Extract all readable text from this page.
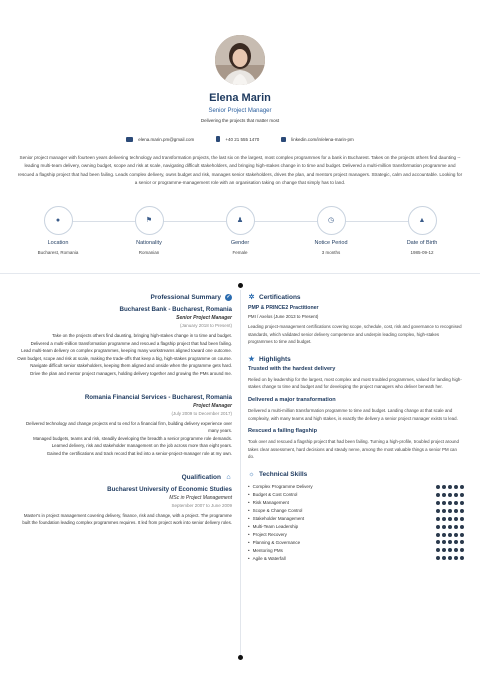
Elena Marin
Senior Project Manager
Delivering the projects that matter most
elena.marin.pm@gmail.com	+40 21 555 1470	linkedin.com/in/elena-marin-pm
Senior project manager with fourteen years delivering technology and transformation projects, the last six on the largest, most complex programmes for a bank in Bucharest. Takes on the projects others find daunting -- leading multi-team delivery, owning budget, scope and risk at scale, navigating difficult stakeholders, and bringing high-stakes change in to time and budget. Delivered a multi-million transformation programme and rescued a flagship project that had been failing. Leads complex delivery, owns budget and risk, manages senior stakeholders, drives the plan, and mentors project managers. Strategic, calm and accountable. Looking for a senior or programme-management role with an organisation taking on change that simply has to land.
●
Location
Bucharest, Romania
⚑
Nationality
Romanian
♟
Gender
Female
◷
Notice Period
3 months
▲
Date of Birth
1985-09-12
Professional Summary ✓
Bucharest Bank - Bucharest, Romania
Senior Project Manager
(January 2018 to Present)
Take on the projects others find daunting, bringing high-stakes change in to time and budget.
Delivered a multi-million transformation programme and rescued a flagship project that had been failing.
Lead multi-team delivery on complex programmes, keeping many workstreams aligned toward one outcome.
Own budget, scope and risk at scale, making the trade-offs that keep a big, high-stakes programme on course.
Navigate difficult senior stakeholders, keeping them aligned and onside when the programme gets hard.
Drive the plan and mentor project managers, holding delivery together and growing the PMs around me.
Romania Financial Services - Bucharest, Romania
Project Manager
(July 2009 to December 2017)
Delivered technology and change projects end to end for a financial firm, building delivery experience over many years.
Managed budgets, teams and risk, steadily developing the breadth a senior programme role demands.
Learned delivery, risk and stakeholder management on the job across more than eight years.
Gained the certifications and track record that led into a senior-project-manager role at my own.
Qualification ⌂
Bucharest University of Economic Studies
MSc in Project Management
September 2007 to June 2009
Master's in project management covering delivery, finance, risk and change, with a project. The programme built the foundation leading complex programmes requires. It led from project work into senior delivery roles.
✲ Certifications
PMP & PRINCE2 Practitioner
PMI / Axelos (June 2013 to Present)
Leading project-management certifications covering scope, schedule, cost, risk and governance to recognised standards, which validated senior delivery competence and underpin leading complex, high-stakes programmes to time and budget.
★ Highlights
Trusted with the hardest delivery
Relied on by leadership for the largest, most complex and most troubled programmes, valued for landing high-stakes change to time and budget and for developing the project managers who deliver beneath her.
Delivered a major transformation
Delivered a multi-million transformation programme to time and budget. Landing change at that scale and complexity, with many teams and high stakes, is exactly the delivery a senior project manager exists to lead.
Rescued a failing flagship
Took over and rescued a flagship project that had been failing. Turning a high-profile, troubled project around takes clear assessment, hard decisions and steady nerve, among the most valuable things a senior PM can do.
☼ Technical Skills
• Complex Programme Delivery
• Budget & Cost Control
• Risk Management
• Scope & Change Control
• Stakeholder Management
• Multi-Team Leadership
• Project Recovery
• Planning & Governance
• Mentoring PMs
• Agile & Waterfall
